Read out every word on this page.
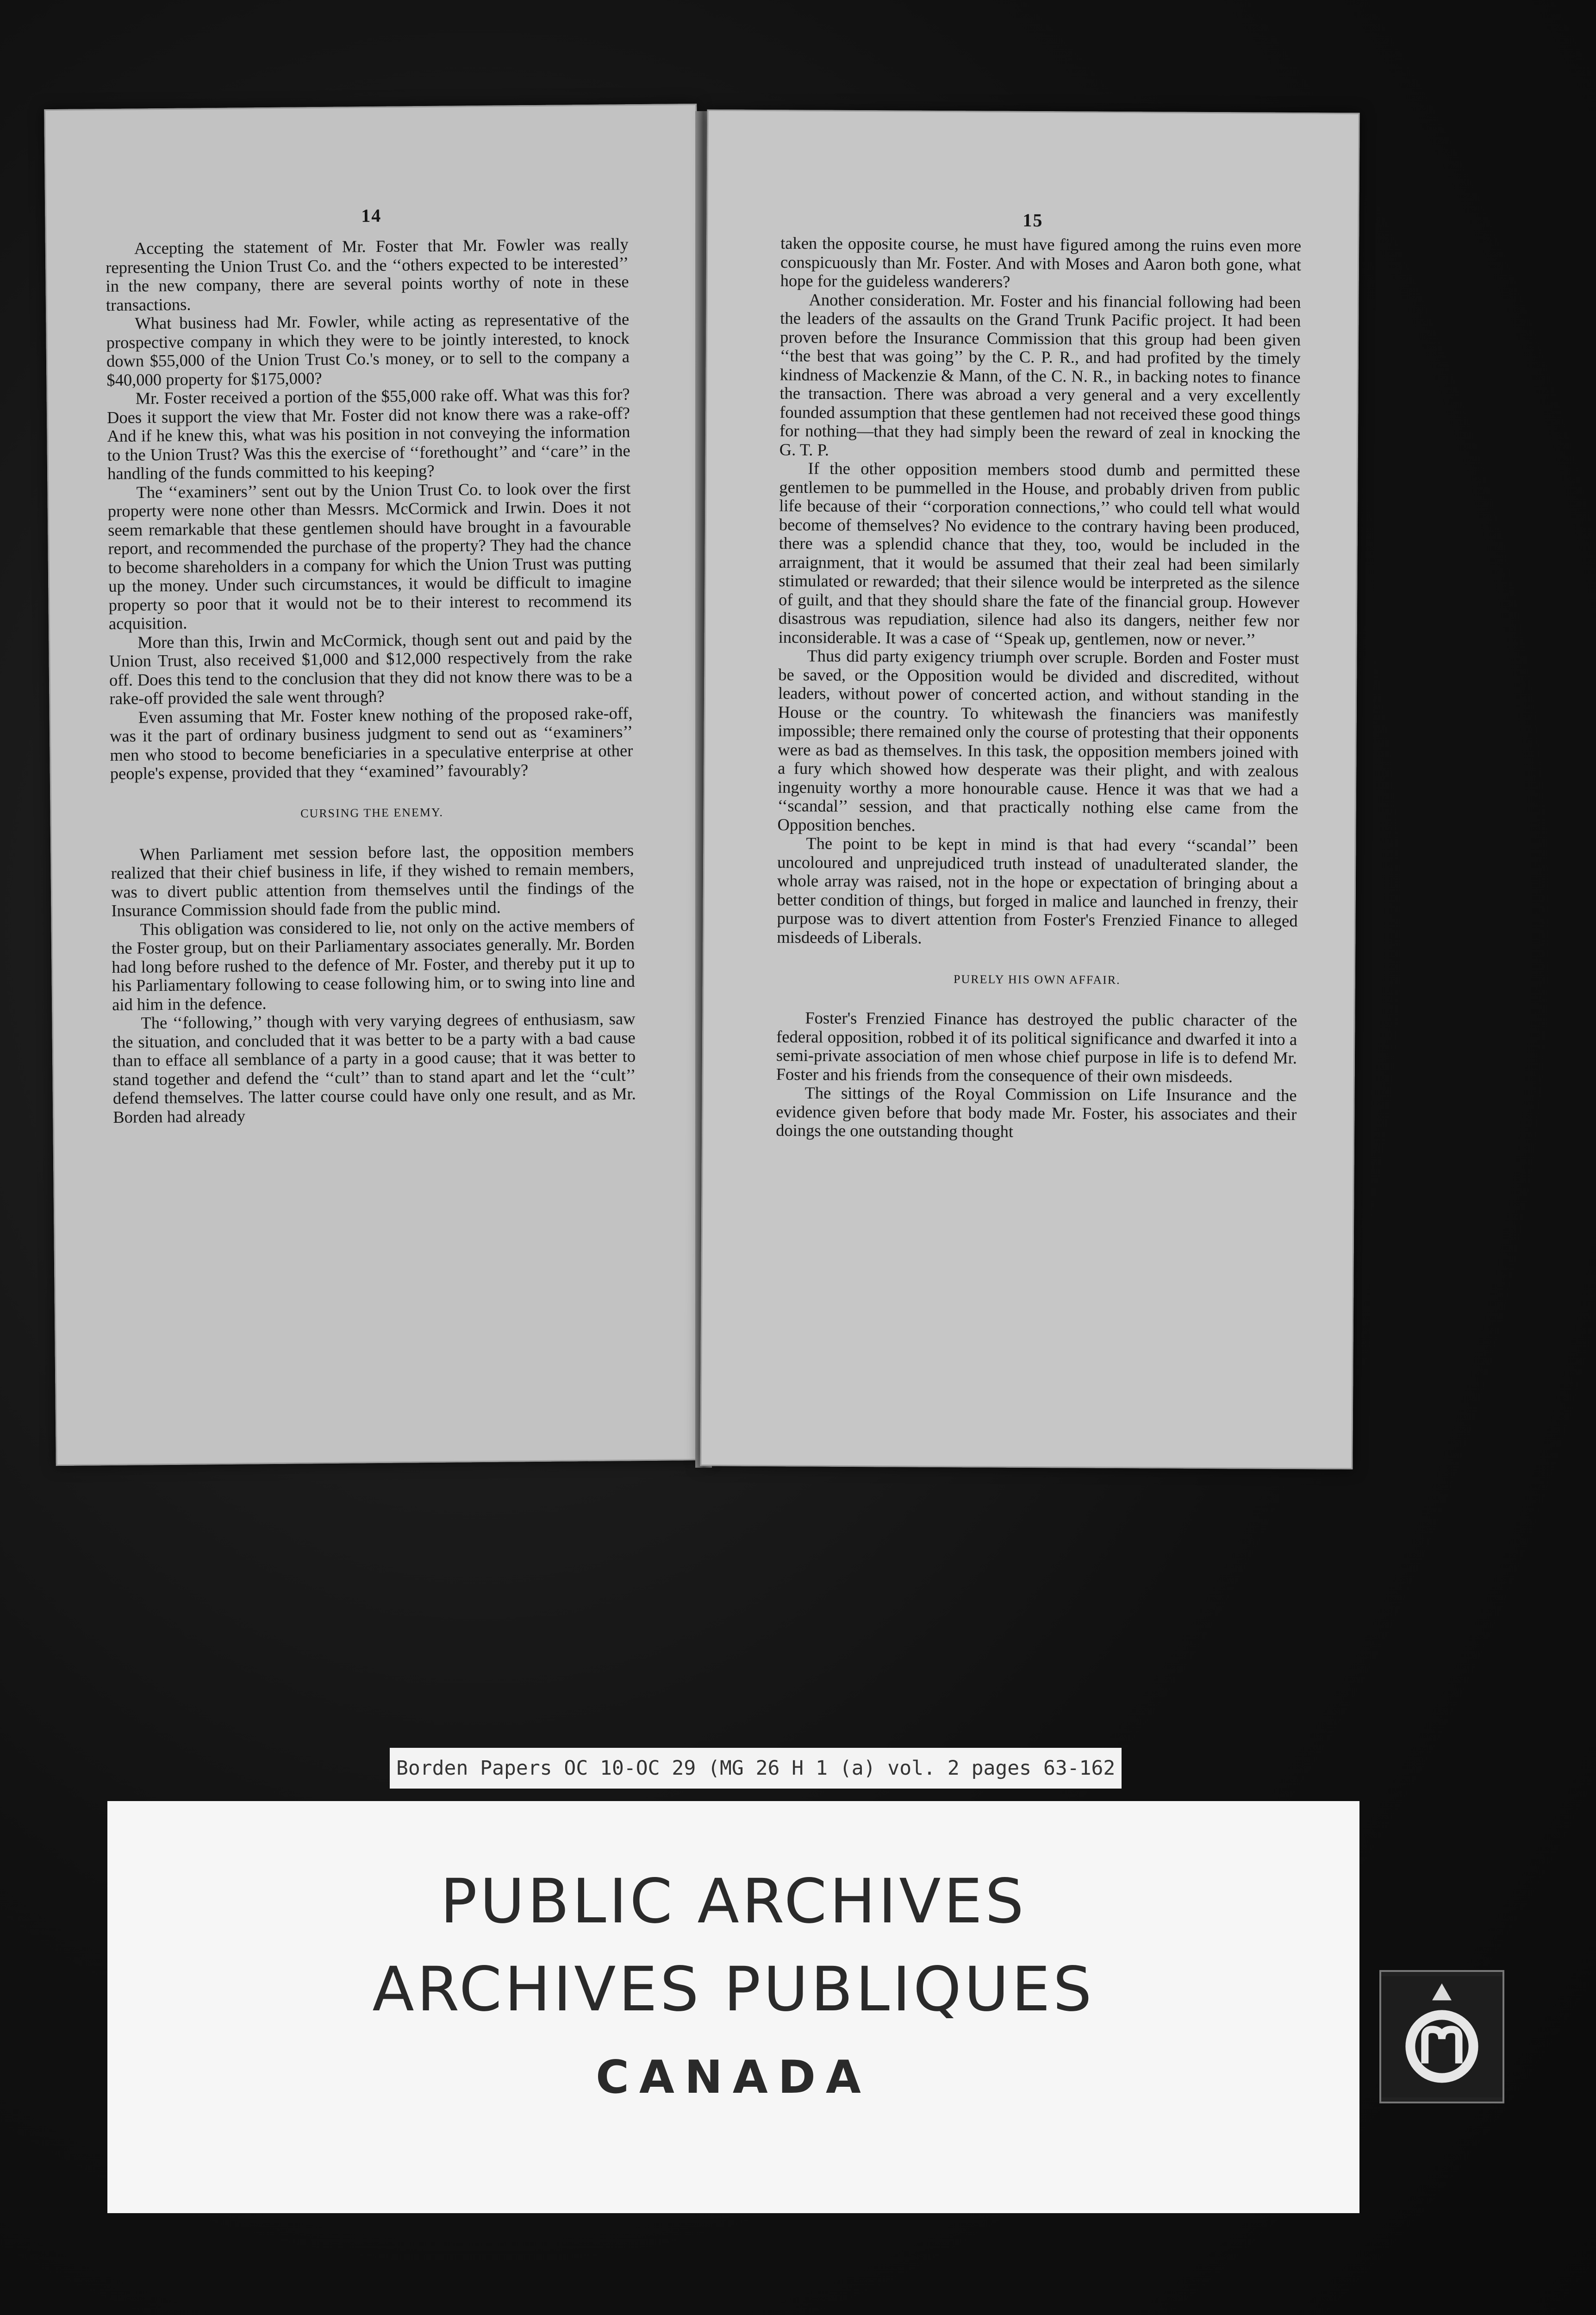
14

Accepting the statement of Mr. Foster that Mr. Fowler was really representing the Union Trust Co. and the ‘‘others expected to be interested’’ in the new company, there are several points worthy of note in these transactions.

What business had Mr. Fowler, while acting as representative of the prospective company in which they were to be jointly interested, to knock down $55,000 of the Union Trust Co.'s money, or to sell to the company a $40,000 property for $175,000?

Mr. Foster received a portion of the $55,000 rake off. What was this for? Does it support the view that Mr. Foster did not know there was a rake-off? And if he knew this, what was his position in not conveying the information to the Union Trust? Was this the exercise of ‘‘forethought’’ and ‘‘care’’ in the handling of the funds committed to his keeping?

The ‘‘examiners’’ sent out by the Union Trust Co. to look over the first property were none other than Messrs. McCormick and Irwin. Does it not seem remarkable that these gentlemen should have brought in a favourable report, and recommended the purchase of the property? They had the chance to become shareholders in a company for which the Union Trust was putting up the money. Under such circumstances, it would be difficult to imagine property so poor that it would not be to their interest to recommend its acquisition.

More than this, Irwin and McCormick, though sent out and paid by the Union Trust, also received $1,000 and $12,000 respectively from the rake off. Does this tend to the conclusion that they did not know there was to be a rake-off provided the sale went through?

Even assuming that Mr. Foster knew nothing of the proposed rake-off, was it the part of ordinary business judgment to send out as ‘‘examiners’’ men who stood to become beneficiaries in a speculative enterprise at other people's expense, provided that they ‘‘examined’’ favourably?

CURSING THE ENEMY.

When Parliament met session before last, the opposition members realized that their chief business in life, if they wished to remain members, was to divert public attention from themselves until the findings of the Insurance Commission should fade from the public mind.

This obligation was considered to lie, not only on the active members of the Foster group, but on their Parliamentary associates generally. Mr. Borden had long before rushed to the defence of Mr. Foster, and thereby put it up to his Parliamentary following to cease following him, or to swing into line and aid him in the defence.

The ‘‘following,’’ though with very varying degrees of enthusiasm, saw the situation, and concluded that it was better to be a party with a bad cause than to efface all semblance of a party in a good cause; that it was better to stand together and defend the ‘‘cult’’ than to stand apart and let the ‘‘cult’’ defend themselves. The latter course could have only one result, and as Mr. Borden had already

15

taken the opposite course, he must have figured among the ruins even more conspicuously than Mr. Foster. And with Moses and Aaron both gone, what hope for the guideless wanderers?

Another consideration. Mr. Foster and his financial following had been the leaders of the assaults on the Grand Trunk Pacific project. It had been proven before the Insurance Commission that this group had been given ‘‘the best that was going’’ by the C. P. R., and had profited by the timely kindness of Mackenzie & Mann, of the C. N. R., in backing notes to finance the transaction. There was abroad a very general and a very excellently founded assumption that these gentlemen had not received these good things for nothing—that they had simply been the reward of zeal in knocking the G. T. P.

If the other opposition members stood dumb and permitted these gentlemen to be pummelled in the House, and probably driven from public life because of their ‘‘corporation connections,’’ who could tell what would become of themselves? No evidence to the contrary having been produced, there was a splendid chance that they, too, would be included in the arraignment, that it would be assumed that their zeal had been similarly stimulated or rewarded; that their silence would be interpreted as the silence of guilt, and that they should share the fate of the financial group. However disastrous was repudiation, silence had also its dangers, neither few nor inconsiderable. It was a case of ‘‘Speak up, gentlemen, now or never.’’

Thus did party exigency triumph over scruple. Borden and Foster must be saved, or the Opposition would be divided and discredited, without leaders, without power of concerted action, and without standing in the House or the country. To whitewash the financiers was manifestly impossible; there remained only the course of protesting that their opponents were as bad as themselves. In this task, the opposition members joined with a fury which showed how desperate was their plight, and with zealous ingenuity worthy a more honourable cause. Hence it was that we had a ‘‘scandal’’ session, and that practically nothing else came from the Opposition benches.

The point to be kept in mind is that had every ‘‘scandal’’ been uncoloured and unprejudiced truth instead of unadulterated slander, the whole array was raised, not in the hope or expectation of bringing about a better condition of things, but forged in malice and launched in frenzy, their purpose was to divert attention from Foster's Frenzied Finance to alleged misdeeds of Liberals.

PURELY HIS OWN AFFAIR.

Foster's Frenzied Finance has destroyed the public character of the federal opposition, robbed it of its political significance and dwarfed it into a semi-private association of men whose chief purpose in life is to defend Mr. Foster and his friends from the consequence of their own misdeeds.

The sittings of the Royal Commission on Life Insurance and the evidence given before that body made Mr. Foster, his associates and their doings the one outstanding thought

Borden Papers OC 10-OC 29 (MG 26 H 1 (a) vol. 2 pages 63-162
PUBLIC ARCHIVES
ARCHIVES PUBLIQUES
CANADA
